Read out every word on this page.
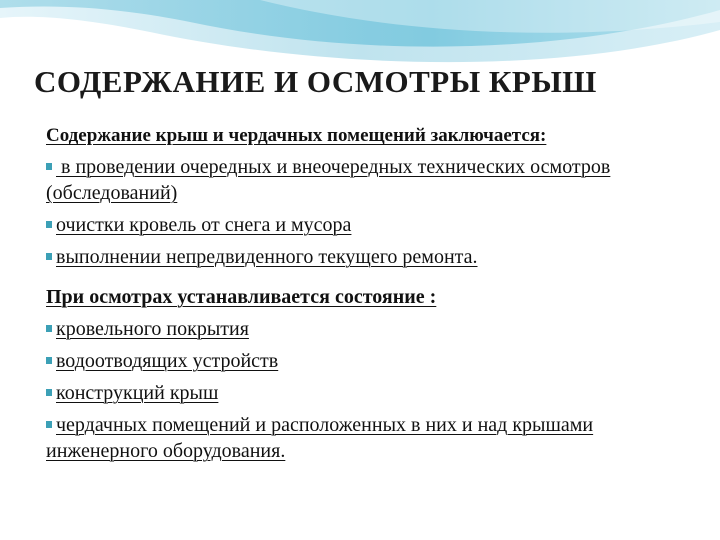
СОДЕРЖАНИЕ И ОСМОТРЫ КРЫШ
Содержание крыш и чердачных помещений заключается:
в проведении очередных и внеочередных технических осмотров (обследований)
очистки кровель от снега и мусора
выполнении непредвиденного текущего ремонта.
При осмотрах устанавливается состояние :
кровельного покрытия
водоотводящих устройств
конструкций крыш
чердачных помещений и расположенных в них и над крышами инженерного оборудования.
